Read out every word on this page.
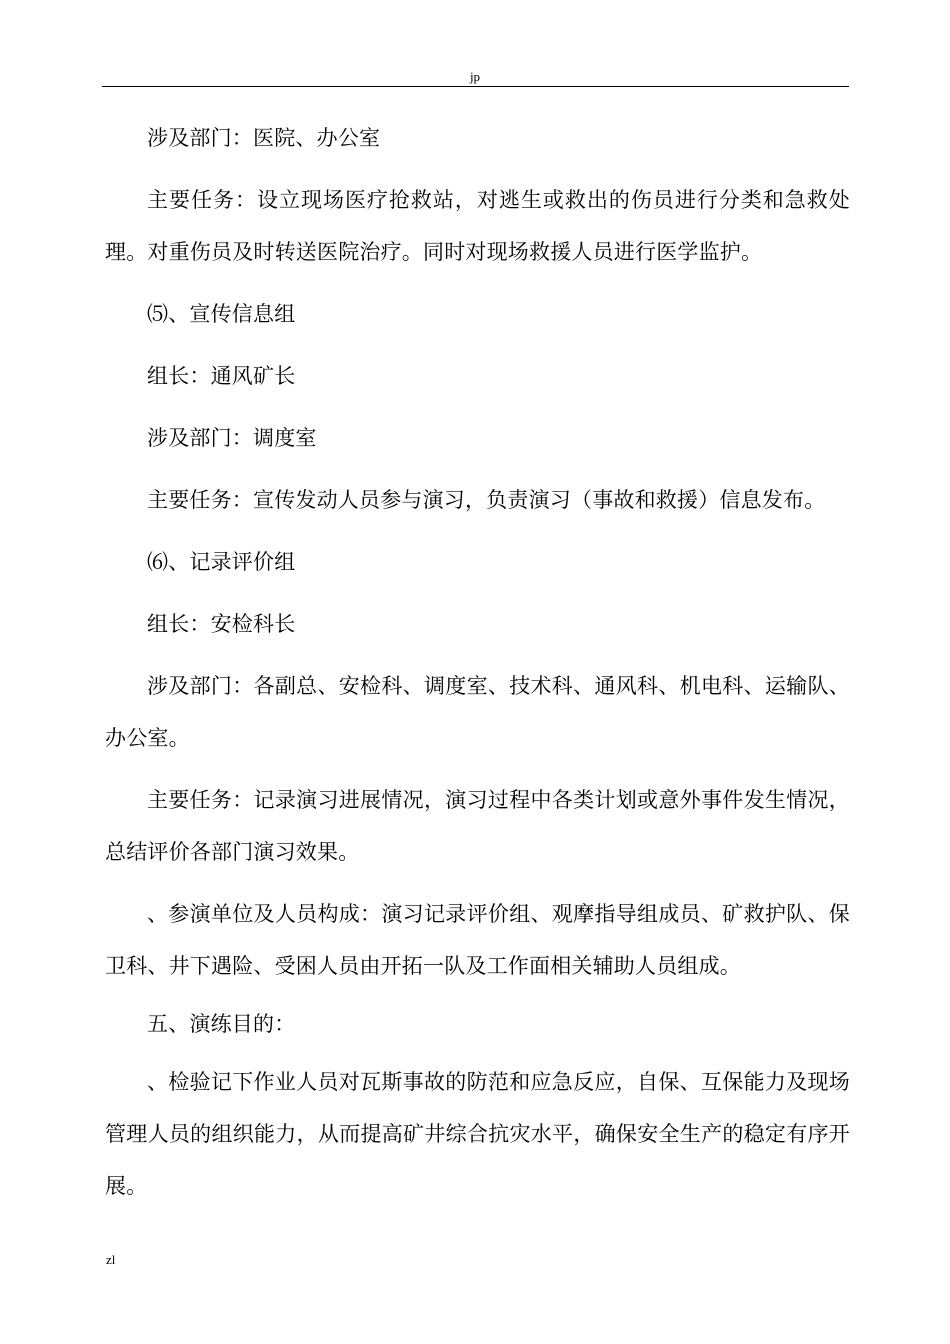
jp

涉及部门：医院、办公室

主要任务：设立现场医疗抢救站，对逃生或救出的伤员进行分类和急救处理。对重伤员及时转送医院治疗。同时对现场救援人员进行医学监护。

⑸、宣传信息组

组长：通风矿长

涉及部门：调度室

主要任务：宣传发动人员参与演习，负责演习（事故和救援）信息发布。

⑹、记录评价组

组长：安检科长

涉及部门：各副总、安检科、调度室、技术科、通风科、机电科、运输队、办公室。

主要任务：记录演习进展情况，演习过程中各类计划或意外事件发生情况，总结评价各部门演习效果。

、参演单位及人员构成：演习记录评价组、观摩指导组成员、矿救护队、保卫科、井下遇险、受困人员由开拓一队及工作面相关辅助人员组成。

五、演练目的：

、检验记下作业人员对瓦斯事故的防范和应急反应，自保、互保能力及现场管理人员的组织能力，从而提高矿井综合抗灾水平，确保安全生产的稳定有序开展。

zl
